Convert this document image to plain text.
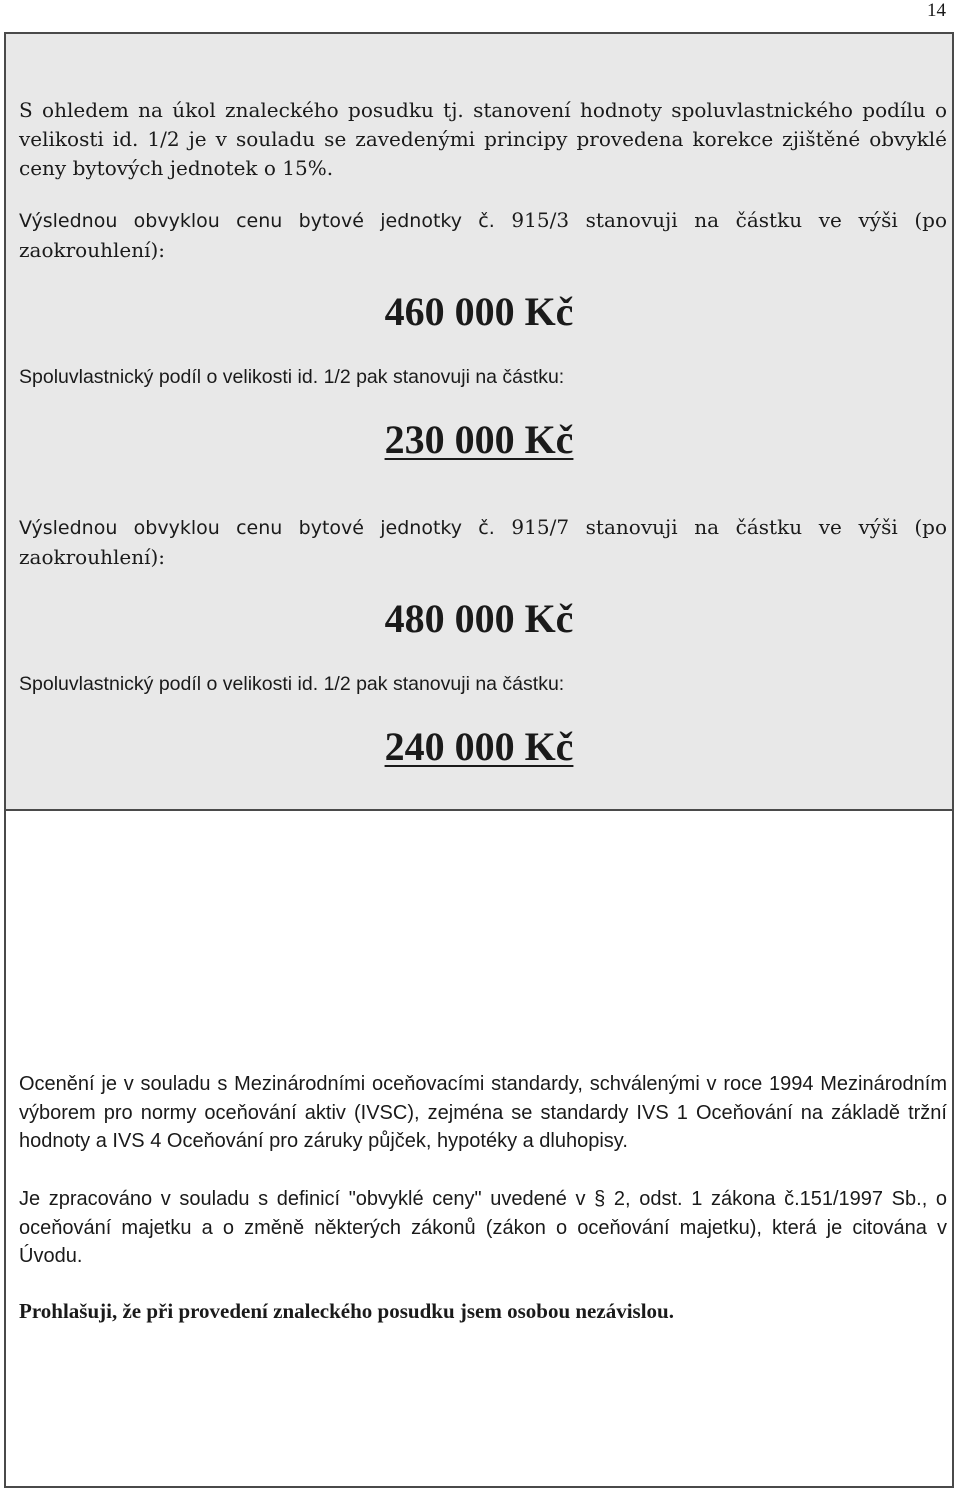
14
S ohledem na úkol znaleckého posudku tj. stanovení hodnoty spoluvlastnického podílu o velikosti id. 1/2 je v souladu se zavedenými principy provedena korekce zjištěné obvyklé ceny bytových jednotek o 15%.
Výslednou obvyklou cenu bytové jednotky č. 915/3 stanovuji na částku ve výši (po zaokrouhlení):
460 000 Kč
Spoluvlastnický podíl o velikosti id. 1/2 pak stanovuji na částku:
230 000 Kč
Výslednou obvyklou cenu bytové jednotky č. 915/7 stanovuji na částku ve výši (po zaokrouhlení):
480 000 Kč
Spoluvlastnický podíl o velikosti id. 1/2 pak stanovuji na částku:
240 000 Kč
Ocenění je v souladu s Mezinárodními oceňovacími standardy, schválenými v roce 1994 Mezinárodním výborem pro normy oceňování aktiv (IVSC), zejména se standardy IVS 1 Oceňování na základě tržní hodnoty a IVS 4 Oceňování pro záruky půjček, hypotéky a dluhopisy.
Je zpracováno v souladu s definicí "obvyklé ceny" uvedené v § 2, odst. 1 zákona č.151/1997 Sb., o oceňování majetku a o změně některých zákonů (zákon o oceňování majetku), která je citována v Úvodu.
Prohlašuji, že při provedení znaleckého posudku jsem osobou nezávislou.
